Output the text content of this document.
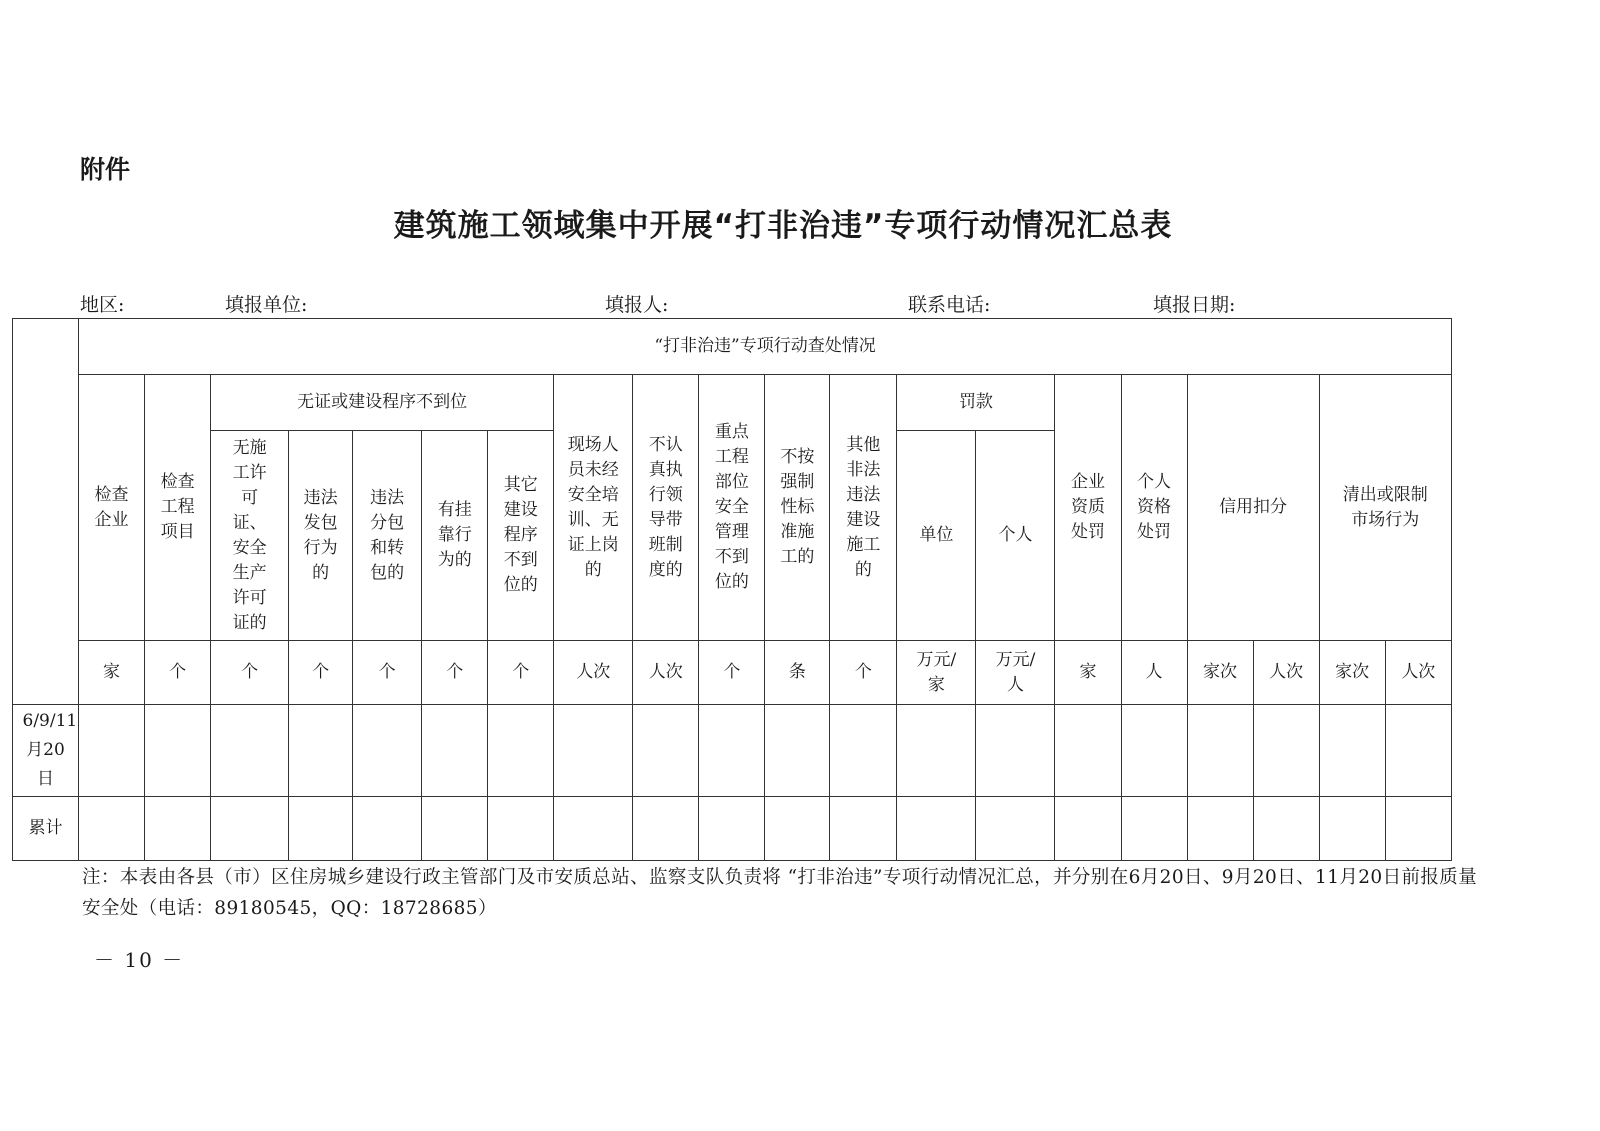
附件
建筑施工领域集中开展“打非治违”专项行动情况汇总表
地区:	填报单位:	填报人:	联系电话:	填报日期:
	“打非治违”专项行动查处情况																			
	检查企业	检查工程项目	无证或建设程序不到位					现场人员未经安全培训、无证上岗的	不认真执行领导带班制度的	重点工程部位安全管理不到位的	不按强制性标准施工的	其他非法违法建设施工的	罚款		企业资质处罚	个人资格处罚	信用扣分		清出或限制市场行为	
			无施工许可证、安全生产许可证的	违法发包行为的	违法分包和转包的	有挂靠行为的	其它建设程序不到位的						单位	个人						
	家	个	个	个	个	个	个	人次	人次	个	条	个	万元/家	万元/人	家	人	家次	人次	家次	人次
6/9/11月20日																				
累计																				
注：本表由各县（市）区住房城乡建设行政主管部门及市安质总站、监察支队负责将 “打非治违”专项行动情况汇总，并分别在6月20日、9月20日、11月20日前报质量安全处（电话：89180545，QQ：18728685）
－ 10 －
